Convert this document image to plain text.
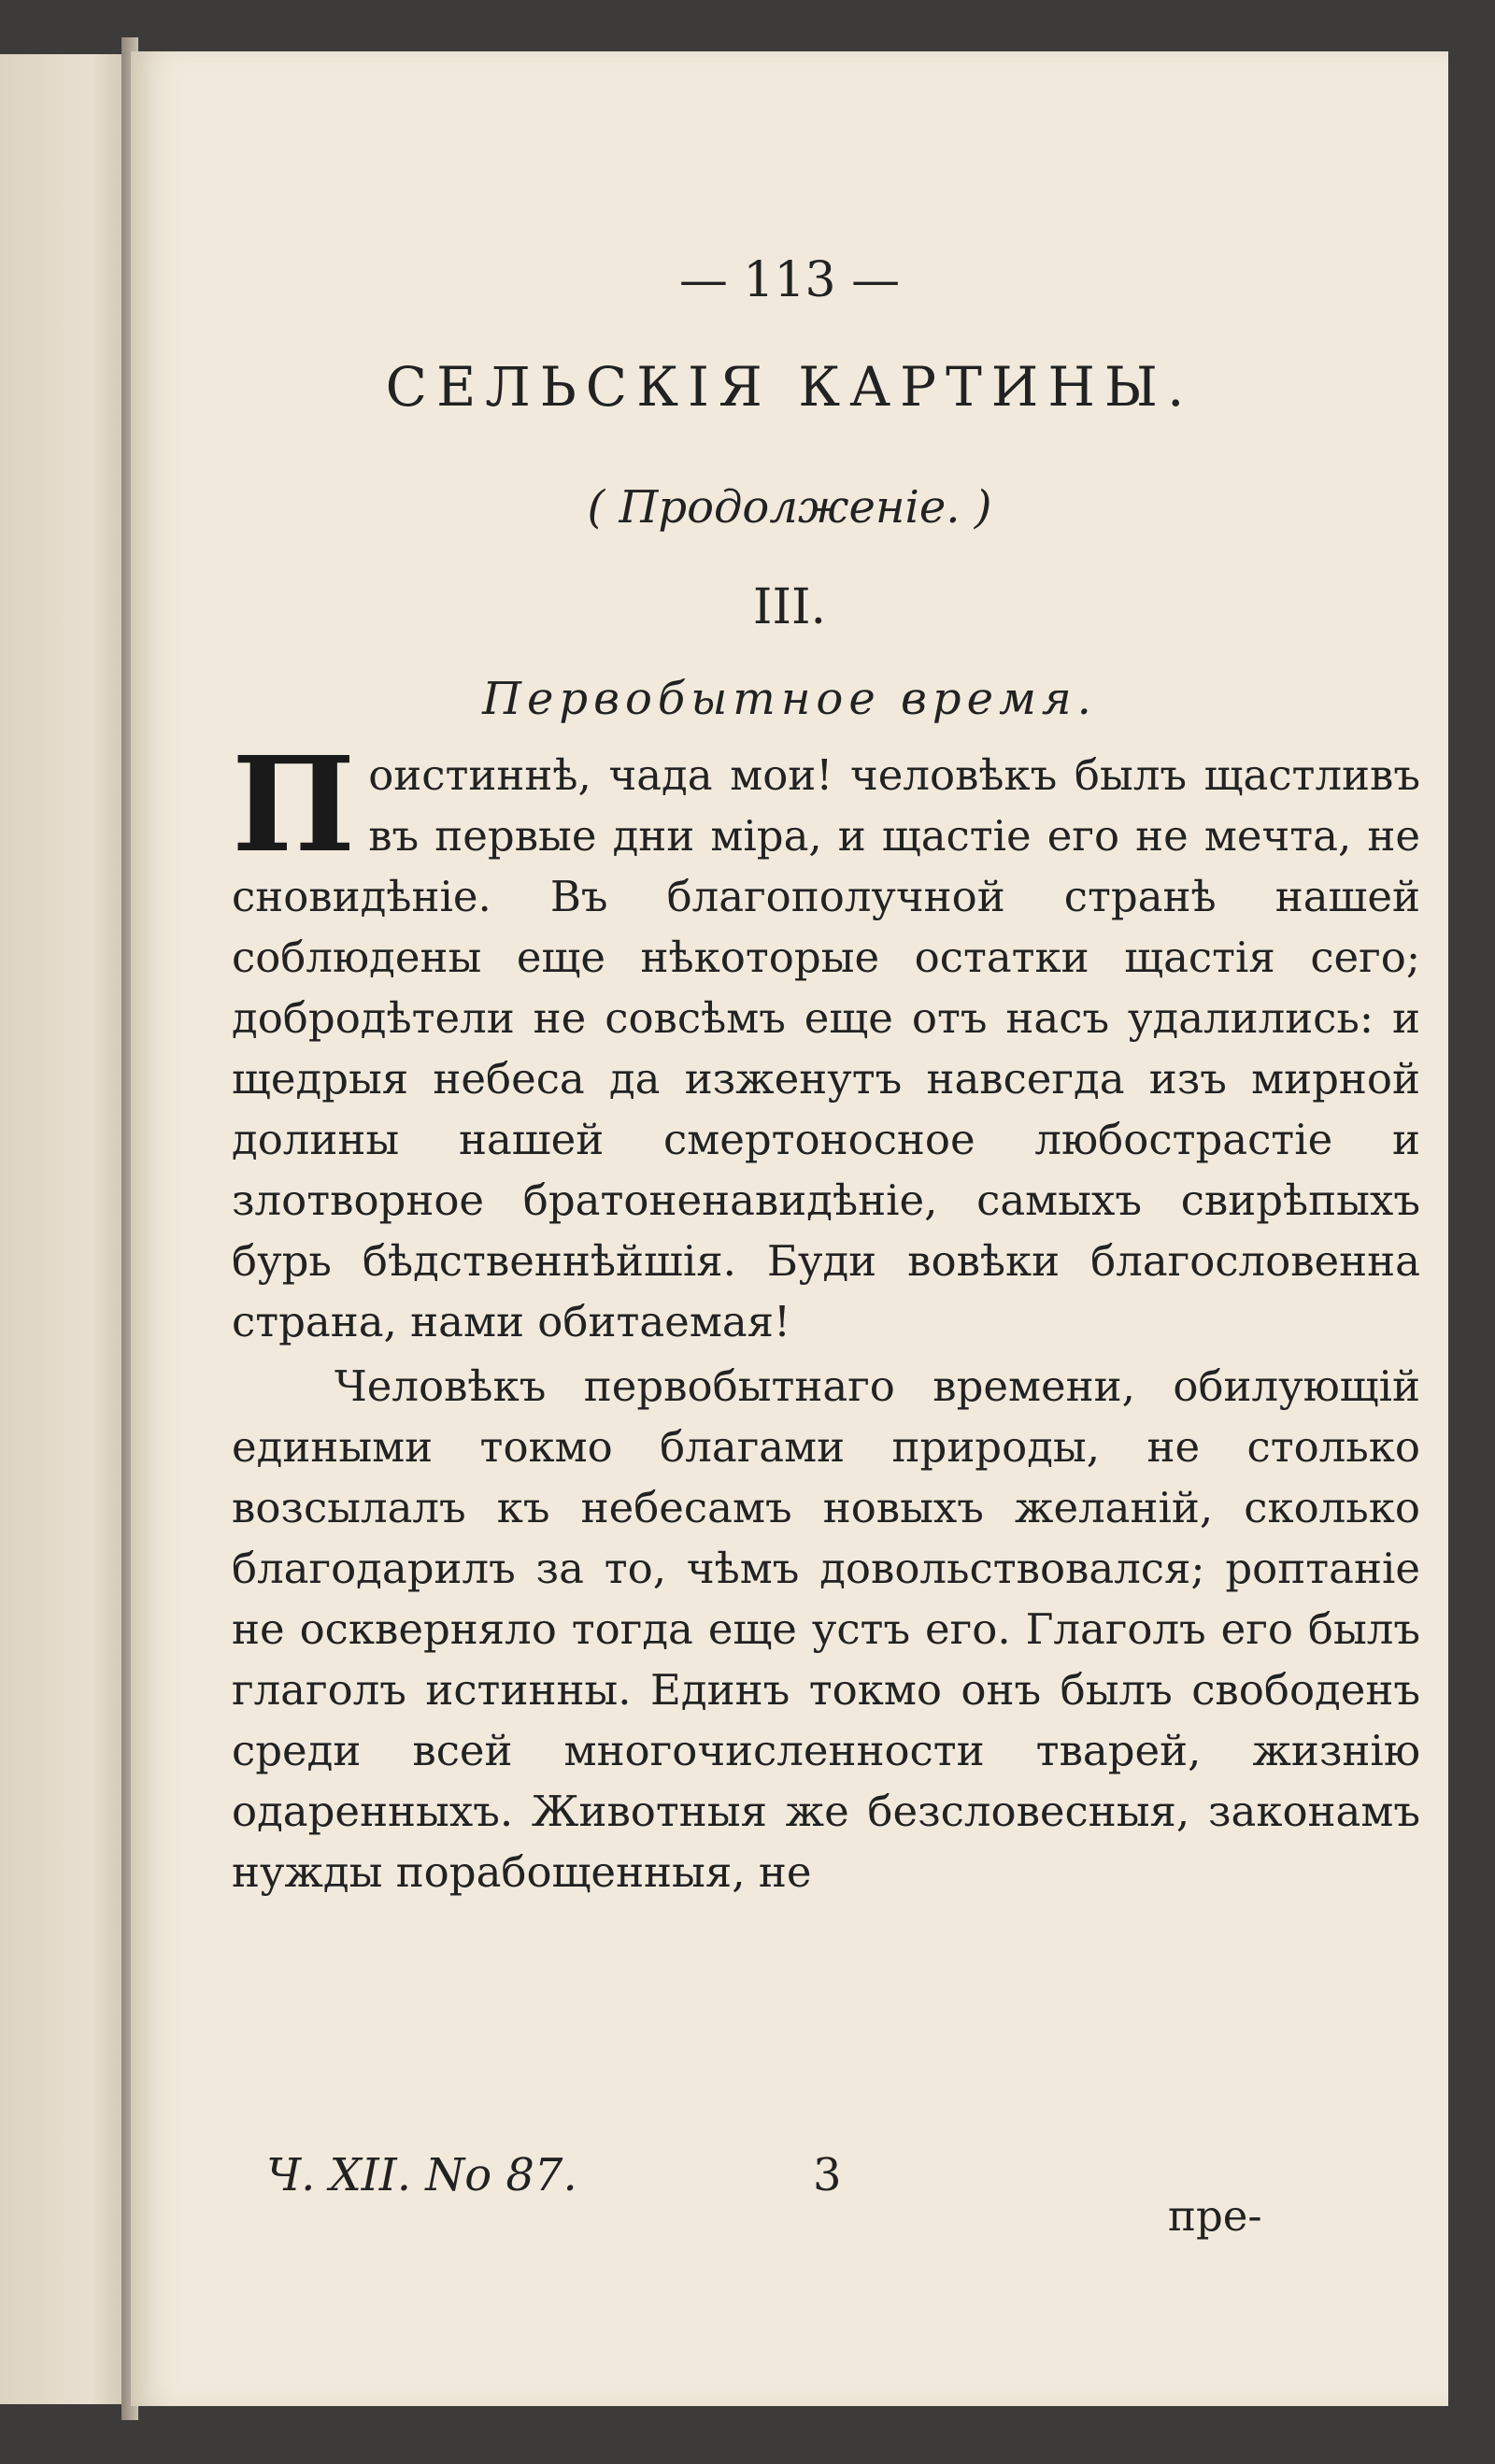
— 113 —
СЕЛЬСКІЯ КАРТИНЫ.
( Продолженіе. )
III.
Первобытное время.

Поистиннѣ, чада мои! человѣкъ былъ щастливъ въ первые дни міра, и щастіе его не мечта, не сновидѣніе. Въ благополучной странѣ нашей соблюдены еще нѣкоторые остатки щастія сего; добродѣтели не совсѣмъ еще отъ насъ удалились: и щедрыя небеса да изженутъ навсегда изъ мирной долины нашей смертоносное любострастіе и злотворное братоненавидѣніе, самыхъ свирѣпыхъ бурь бѣдственнѣйшія. Буди вовѣки благословенна страна, нами обитаемая!

Человѣкъ первобытнаго времени, обилующій едиными токмо благами природы, не столько возсылалъ къ небесамъ новыхъ желаній, сколько благодарилъ за то, чѣмъ довольствовался; роптаніе не оскверняло тогда еще устъ его. Глаголъ его былъ глаголъ истинны. Единъ токмо онъ былъ свободенъ среди всей многочисленности тварей, жизнію одаренныхъ. Животныя же безсловесныя, законамъ нужды порабощенныя, не

Ч. XII. No 87.	3
пре-
